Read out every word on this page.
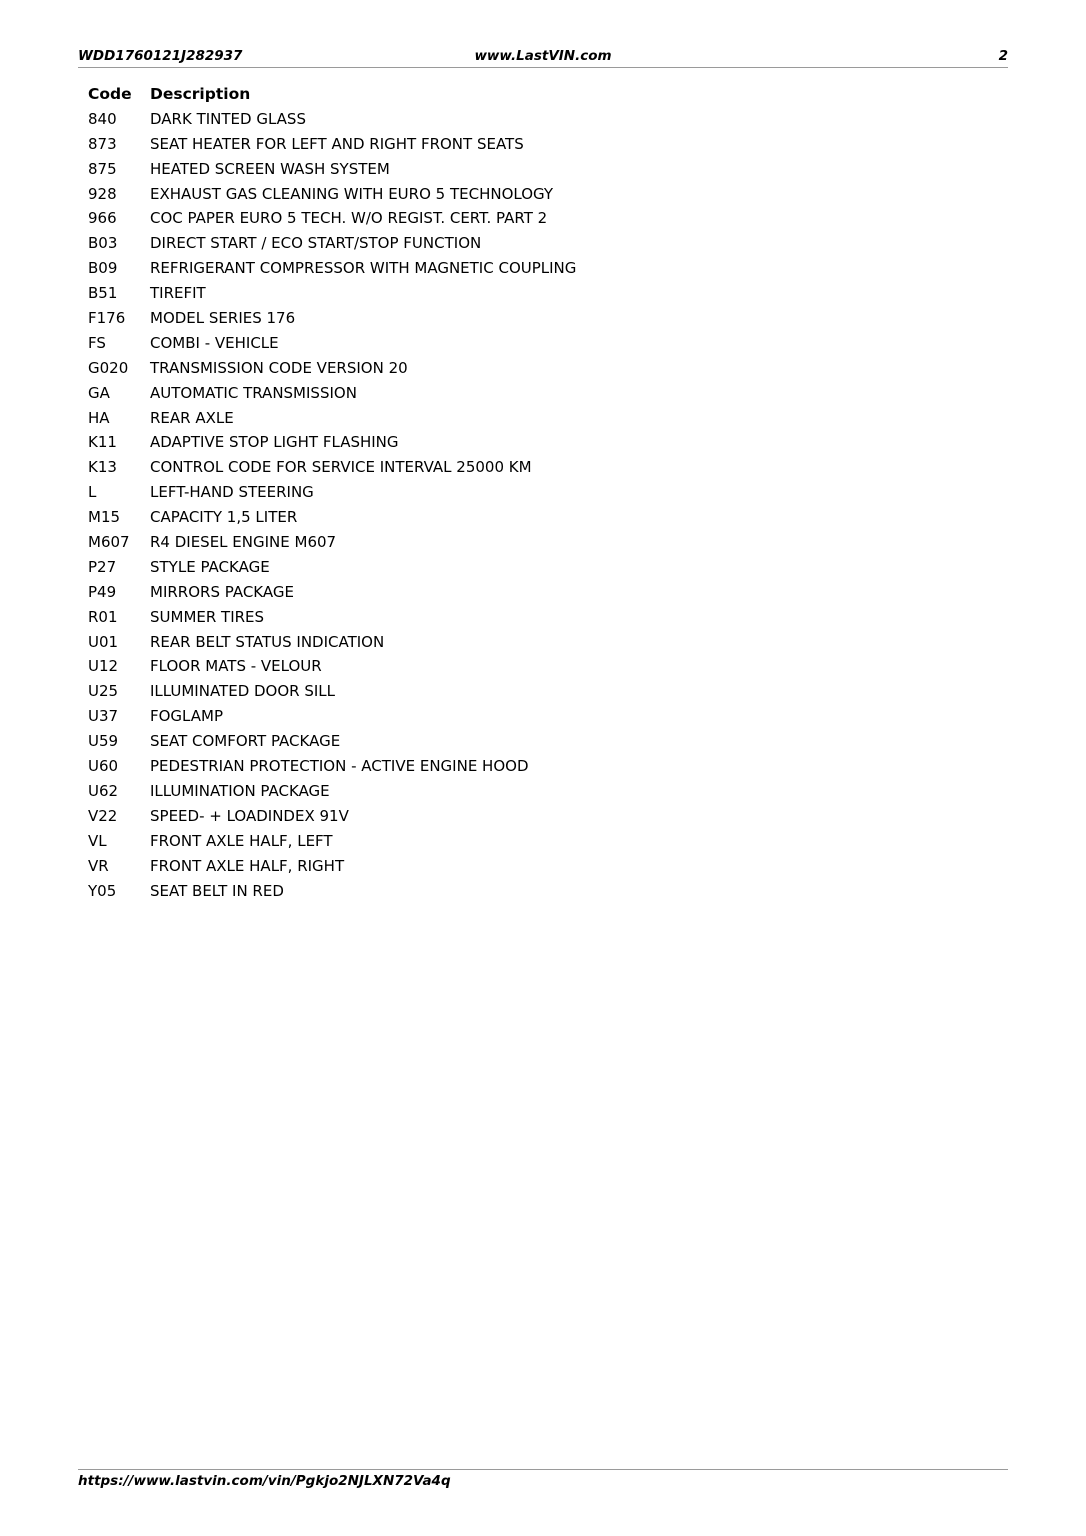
WDD1760121J282937	www.LastVIN.com	2
Code Description
840 DARK TINTED GLASS
873 SEAT HEATER FOR LEFT AND RIGHT FRONT SEATS
875 HEATED SCREEN WASH SYSTEM
928 EXHAUST GAS CLEANING WITH EURO 5 TECHNOLOGY
966 COC PAPER EURO 5 TECH. W/O REGIST. CERT. PART 2
B03 DIRECT START / ECO START/STOP FUNCTION
B09 REFRIGERANT COMPRESSOR WITH MAGNETIC COUPLING
B51 TIREFIT
F176 MODEL SERIES 176
FS	COMBI - VEHICLE
G020 TRANSMISSION CODE VERSION 20
GA	AUTOMATIC TRANSMISSION
HA	REAR AXLE
K11 ADAPTIVE STOP LIGHT FLASHING
K13 CONTROL CODE FOR SERVICE INTERVAL 25000 KM
L	LEFT-HAND STEERING
M15 CAPACITY 1,5 LITER
M607 R4 DIESEL ENGINE M607
P27 STYLE PACKAGE
P49 MIRRORS PACKAGE
R01 SUMMER TIRES
U01 REAR BELT STATUS INDICATION
U12 FLOOR MATS - VELOUR
U25 ILLUMINATED DOOR SILL
U37 FOGLAMP
U59 SEAT COMFORT PACKAGE
U60 PEDESTRIAN PROTECTION - ACTIVE ENGINE HOOD
U62 ILLUMINATION PACKAGE
V22 SPEED- + LOADINDEX 91V
VL	FRONT AXLE HALF, LEFT
VR	FRONT AXLE HALF, RIGHT
Y05 SEAT BELT IN RED
https://www.lastvin.com/vin/Pgkjo2NJLXN72Va4q
